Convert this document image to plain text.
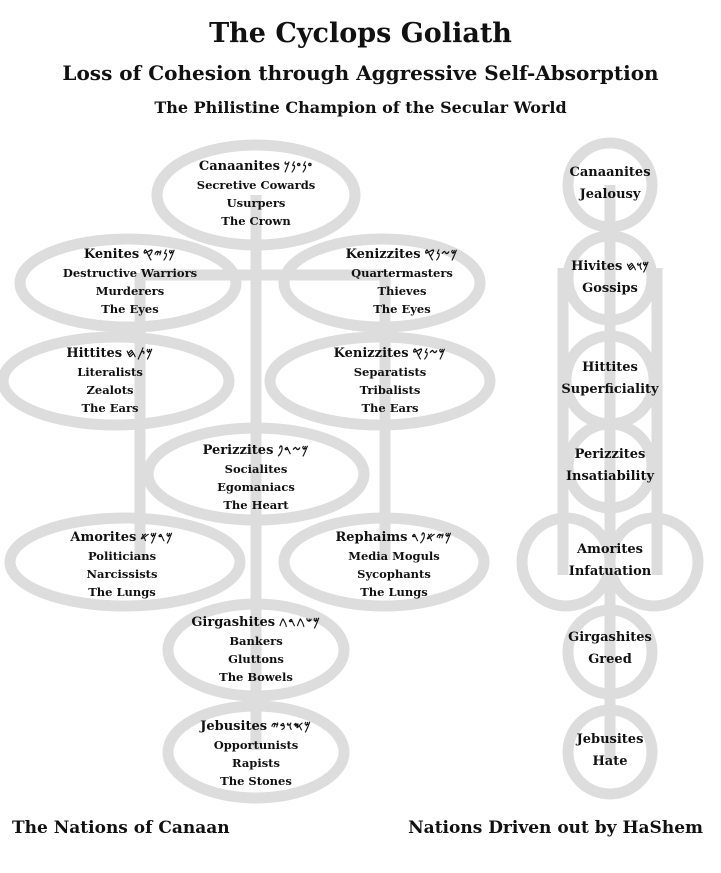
The Cyclops Goliath
Loss of Cohesion through Aggressive Self-Absorption
The Philistine Champion of the Secular World
Canaanites 𐤏𐤍𐤏𐤍𐤊
Secretive Cowards
Usurpers
The Crown
Kenites 𐤌𐤍𐤉𐤒
Destructive Warriors
Murderers
The Eyes
Kenizzites 𐤌𐤆𐤍𐤒
Quartermasters
Thieves
The Eyes
Hittites 𐤌𐤕𐤇
Literalists
Zealots
The Ears
Kenizzites 𐤌𐤆𐤍𐤒
Separatists
Tribalists
The Ears
Perizzites 𐤌𐤆𐤓𐤐
Socialites
Egomaniacs
The Heart
Amorites 𐤌𐤓𐤌𐤀
Politicians
Narcissists
The Lungs
Rephaims 𐤌𐤉𐤀𐤐𐤓
Media Moguls
Sycophants
The Lungs
Girgashites 𐤌𐤔𐤂𐤓𐤂
Bankers
Gluttons
The Bowels
Jebusites 𐤌𐤎𐤅𐤁𐤉
Opportunists
Rapists
The Stones
Canaanites
Jealousy
Hivites 𐤌𐤅𐤇
Gossips
Hittites
Superficiality
Perizzites
Insatiability
Amorites
Infatuation
Girgashites
Greed
Jebusites
Hate

The Nations of Canaan	Nations Driven out by HaShem
